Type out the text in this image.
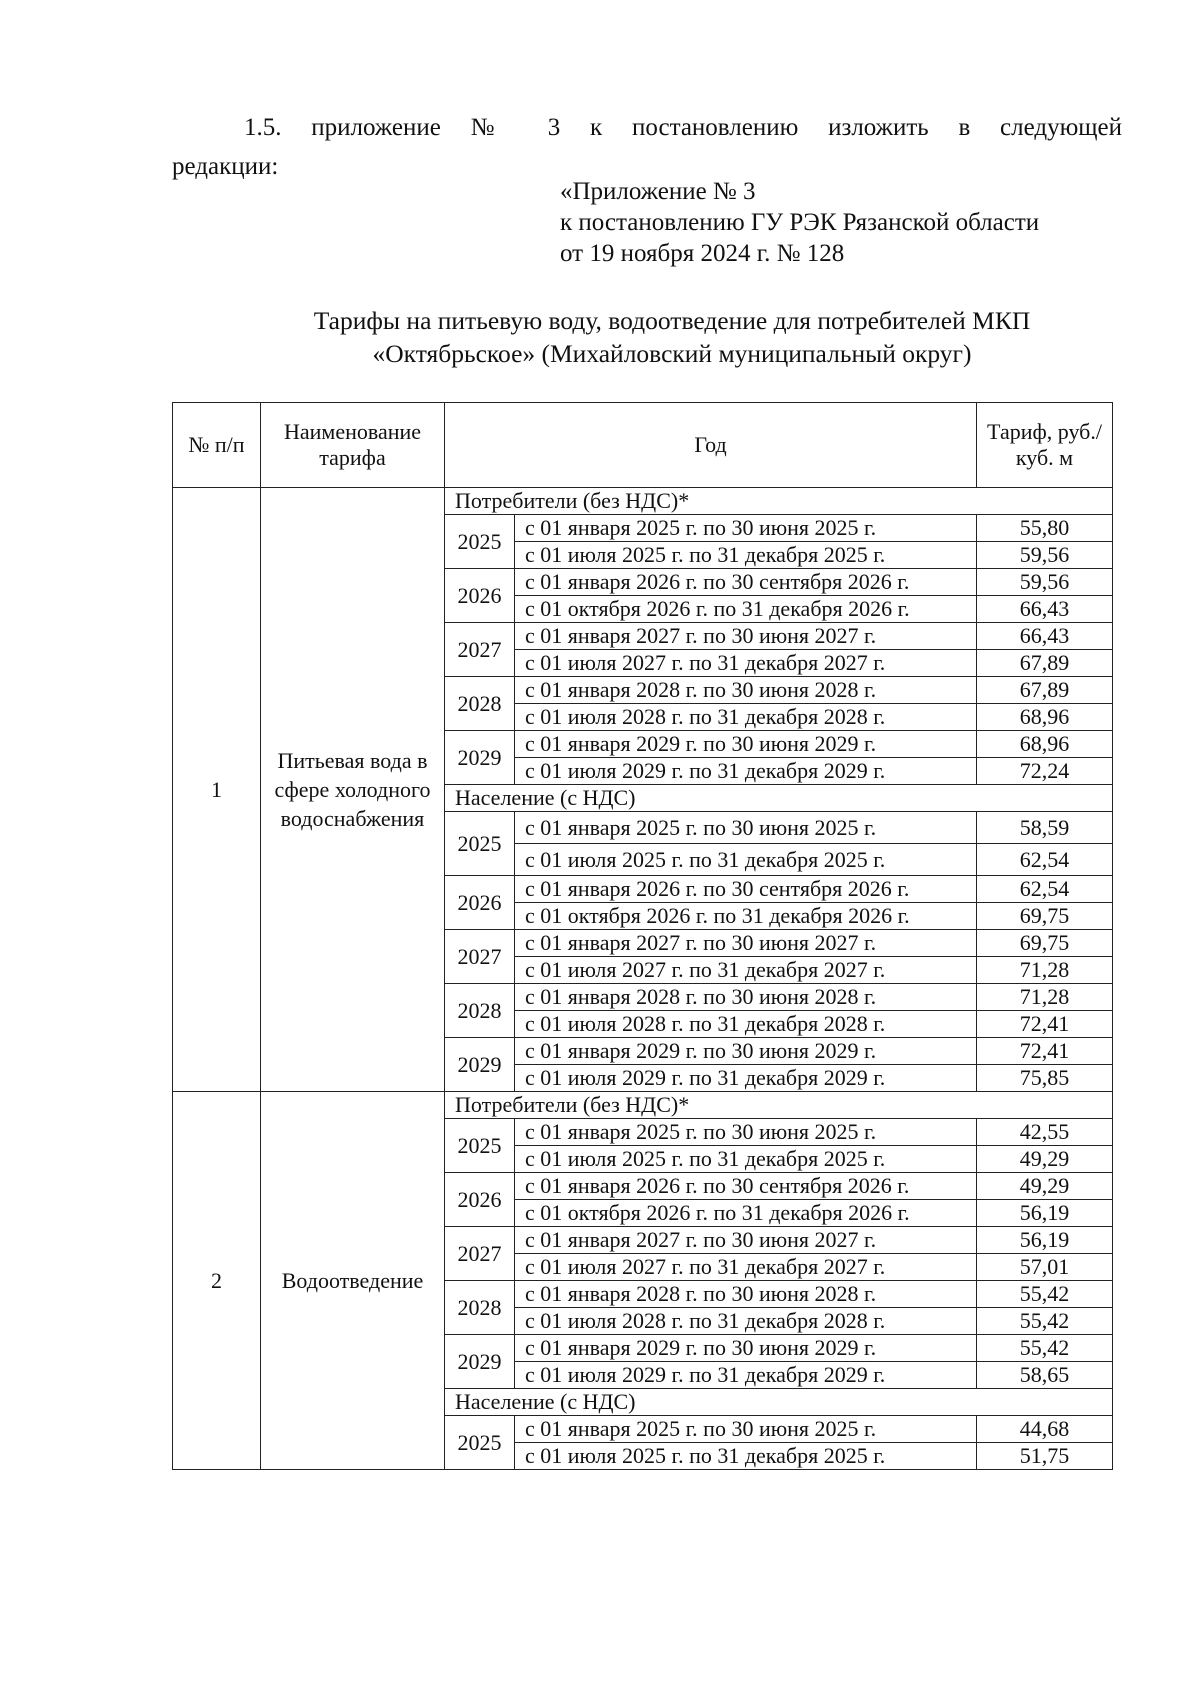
1.5. приложение № 3 к постановлению изложить в следующей
редакции:
«Приложение № 3
к постановлению ГУ РЭК Рязанской области
от 19 ноября 2024 г. № 128
Тарифы на питьевую воду, водоотведение для потребителей МКП
«Октябрьское» (Михайловский муниципальный округ)
№ п/п	Наименование тарифа	Год		Тариф, руб./куб. м
1	Питьевая вода в сфере холодного водоснабжения	Потребители (без НДС)*		
		2025	с 01 января 2025 г. по 30 июня 2025 г.	55,80
			с 01 июля 2025 г. по 31 декабря 2025 г.	59,56
		2026	с 01 января 2026 г. по 30 сентября 2026 г.	59,56
			с 01 октября 2026 г. по 31 декабря 2026 г.	66,43
		2027	с 01 января 2027 г. по 30 июня 2027 г.	66,43
			с 01 июля 2027 г. по 31 декабря 2027 г.	67,89
		2028	с 01 января 2028 г. по 30 июня 2028 г.	67,89
			с 01 июля 2028 г. по 31 декабря 2028 г.	68,96
		2029	с 01 января 2029 г. по 30 июня 2029 г.	68,96
			с 01 июля 2029 г. по 31 декабря 2029 г.	72,24
		Население (с НДС)		
		2025	с 01 января 2025 г. по 30 июня 2025 г.	58,59
			с 01 июля 2025 г. по 31 декабря 2025 г.	62,54
		2026	с 01 января 2026 г. по 30 сентября 2026 г.	62,54
			с 01 октября 2026 г. по 31 декабря 2026 г.	69,75
		2027	с 01 января 2027 г. по 30 июня 2027 г.	69,75
			с 01 июля 2027 г. по 31 декабря 2027 г.	71,28
		2028	с 01 января 2028 г. по 30 июня 2028 г.	71,28
			с 01 июля 2028 г. по 31 декабря 2028 г.	72,41
		2029	с 01 января 2029 г. по 30 июня 2029 г.	72,41
			с 01 июля 2029 г. по 31 декабря 2029 г.	75,85
2	Водоотведение	Потребители (без НДС)*		
		2025	с 01 января 2025 г. по 30 июня 2025 г.	42,55
			с 01 июля 2025 г. по 31 декабря 2025 г.	49,29
		2026	с 01 января 2026 г. по 30 сентября 2026 г.	49,29
			с 01 октября 2026 г. по 31 декабря 2026 г.	56,19
		2027	с 01 января 2027 г. по 30 июня 2027 г.	56,19
			с 01 июля 2027 г. по 31 декабря 2027 г.	57,01
		2028	с 01 января 2028 г. по 30 июня 2028 г.	55,42
			с 01 июля 2028 г. по 31 декабря 2028 г.	55,42
		2029	с 01 января 2029 г. по 30 июня 2029 г.	55,42
			с 01 июля 2029 г. по 31 декабря 2029 г.	58,65
		Население (с НДС)		
		2025	с 01 января 2025 г. по 30 июня 2025 г.	44,68
			с 01 июля 2025 г. по 31 декабря 2025 г.	51,75
